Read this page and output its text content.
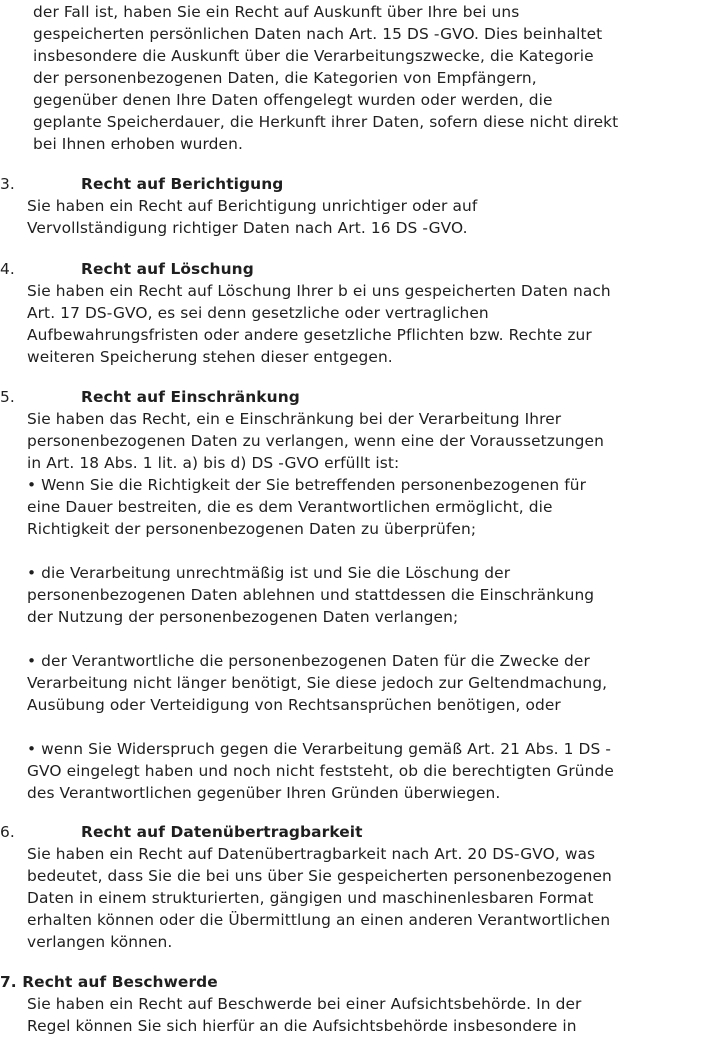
der Fall ist, haben Sie ein Recht auf Auskunft über Ihre bei uns
gespeicherten persönlichen Daten nach Art. 15 DS -GVO. Dies beinhaltet
insbesondere die Auskunft über die Verarbeitungszwecke, die Kategorie
der personenbezogenen Daten, die Kategorien von Empfängern,
gegenüber denen Ihre Daten offengelegt wurden oder werden, die
geplante Speicherdauer, die Herkunft ihrer Daten, sofern diese nicht direkt
bei Ihnen erhoben wurden.

3.	Recht auf Berichtigung

Sie haben ein Recht auf Berichtigung unrichtiger oder auf
Vervollständigung richtiger Daten nach Art. 16 DS -GVO.

4.	Recht auf Löschung

Sie haben ein Recht auf Löschung Ihrer b ei uns gespeicherten Daten nach
Art. 17 DS-GVO, es sei denn gesetzliche oder vertraglichen
Aufbewahrungsfristen oder andere gesetzliche Pflichten bzw. Rechte zur
weiteren Speicherung stehen dieser entgegen.

5.	Recht auf Einschränkung

Sie haben das Recht, ein e Einschränkung bei der Verarbeitung Ihrer
personenbezogenen Daten zu verlangen, wenn eine der Voraussetzungen
in Art. 18 Abs. 1 lit. a) bis d) DS -GVO erfüllt ist:
• Wenn Sie die Richtigkeit der Sie betreffenden personenbezogenen für
eine Dauer bestreiten, die es dem Verantwortlichen ermöglicht, die
Richtigkeit der personenbezogenen Daten zu überprüfen;
• die Verarbeitung unrechtmäßig ist und Sie die Löschung der
personenbezogenen Daten ablehnen und stattdessen die Einschränkung
der Nutzung der personenbezogenen Daten verlangen;
• der Verantwortliche die personenbezogenen Daten für die Zwecke der
Verarbeitung nicht länger benötigt, Sie diese jedoch zur Geltendmachung,
Ausübung oder Verteidigung von Rechtsansprüchen benötigen, oder
• wenn Sie Widerspruch gegen die Verarbeitung gemäß Art. 21 Abs. 1 DS -
GVO eingelegt haben und noch nicht feststeht, ob die berechtigten Gründe
des Verantwortlichen gegenüber Ihren Gründen überwiegen.

6.	Recht auf Datenübertragbarkeit

Sie haben ein Recht auf Datenübertragbarkeit nach Art. 20 DS-GVO, was
bedeutet, dass Sie die bei uns über Sie gespeicherten personenbezogenen
Daten in einem strukturierten, gängigen und maschinenlesbaren Format
erhalten können oder die Übermittlung an einen anderen Verantwortlichen
verlangen können.

7. Recht auf Beschwerde

Sie haben ein Recht auf Beschwerde bei einer Aufsichtsbehörde. In der
Regel können Sie sich hierfür an die Aufsichtsbehörde insbesondere in
